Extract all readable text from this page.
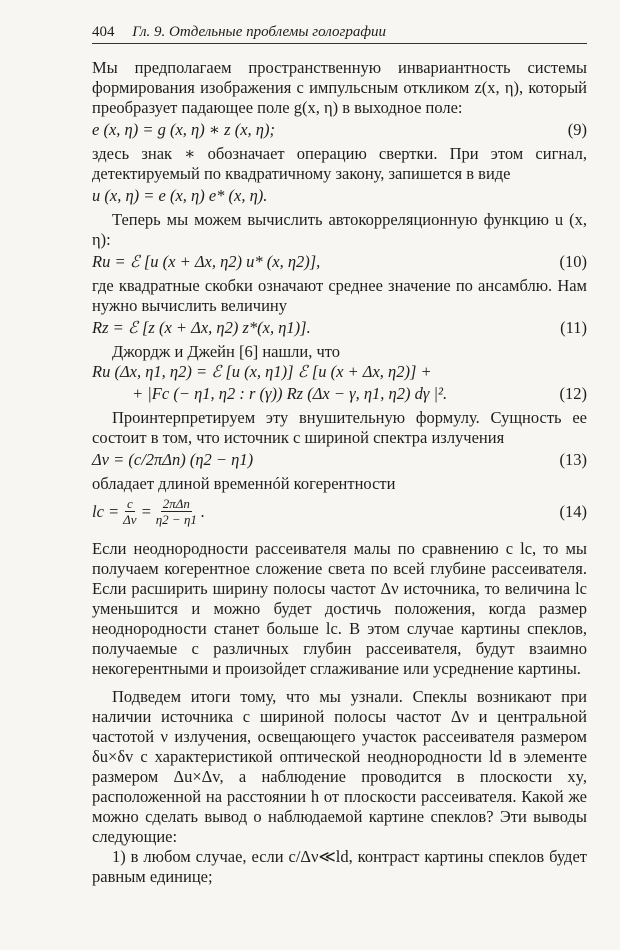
404 Гл. 9. Отдельные проблемы голографии

Мы предполагаем пространственную инвариантность системы формирования изображения с импульсным откликом z(x, η), который преобразует падающее поле g(x, η) в выходное поле:

e (x, η) = g (x, η) ∗ z (x, η);	(9)

здесь знак ∗ обозначает операцию свертки. При этом сигнал, детектируемый по квадратичному закону, запишется в виде

u (x, η) = e (x, η) e* (x, η).

Теперь мы можем вычислить автокорреляционную функцию u (x, η):

Ru = ℰ [u (x + Δx, η2) u* (x, η2)],	(10)

где квадратные скобки означают среднее значение по ансамблю. Нам нужно вычислить величину

Rz = ℰ [z (x + Δx, η2) z*(x, η1)].	(11)

Джордж и Джейн [6] нашли, что

Ru (Δx, η1, η2) = ℰ [u (x, η1)] ℰ [u (x + Δx, η2)] +
+ |Fc (− η1, η2 : r (γ)) Rz (Δx − γ, η1, η2) dγ |².	(12)

Проинтерпретируем эту внушительную формулу. Сущность ее состоит в том, что источник с шириной спектра излучения

Δν = (c/2πΔn) (η2 − η1)	(13)

обладает длиной временнóй когерентности

lc = $\frac{c}{\Delta\nu} = \frac{\text{2πΔn}}{\eta 2 - \eta 1}$ .	(14)

Если неоднородности рассеивателя малы по сравнению с lc, то мы получаем когерентное сложение света по всей глубине рассеивателя. Если расширить ширину полосы частот Δν источника, то величина lc уменьшится и можно будет достичь положения, когда размер неоднородности станет больше lc. В этом случае картины спеклов, получаемые с различных глубин рассеивателя, будут взаимно некогерентными и произойдет сглаживание или усреднение картины.

Подведем итоги тому, что мы узнали. Спеклы возникают при наличии источника с шириной полосы частот Δν и центральной частотой ν излучения, освещающего участок рассеивателя размером δu×δv с характеристикой оптической неоднородности ld в элементе размером Δu×Δv, а наблюдение проводится в плоскости xy, расположенной на расстоянии h от плоскости рассеивателя. Какой же можно сделать вывод о наблюдаемой картине спеклов? Эти выводы следующие:

1) в любом случае, если c/Δν≪ld, контраст картины спеклов будет равным единице;
